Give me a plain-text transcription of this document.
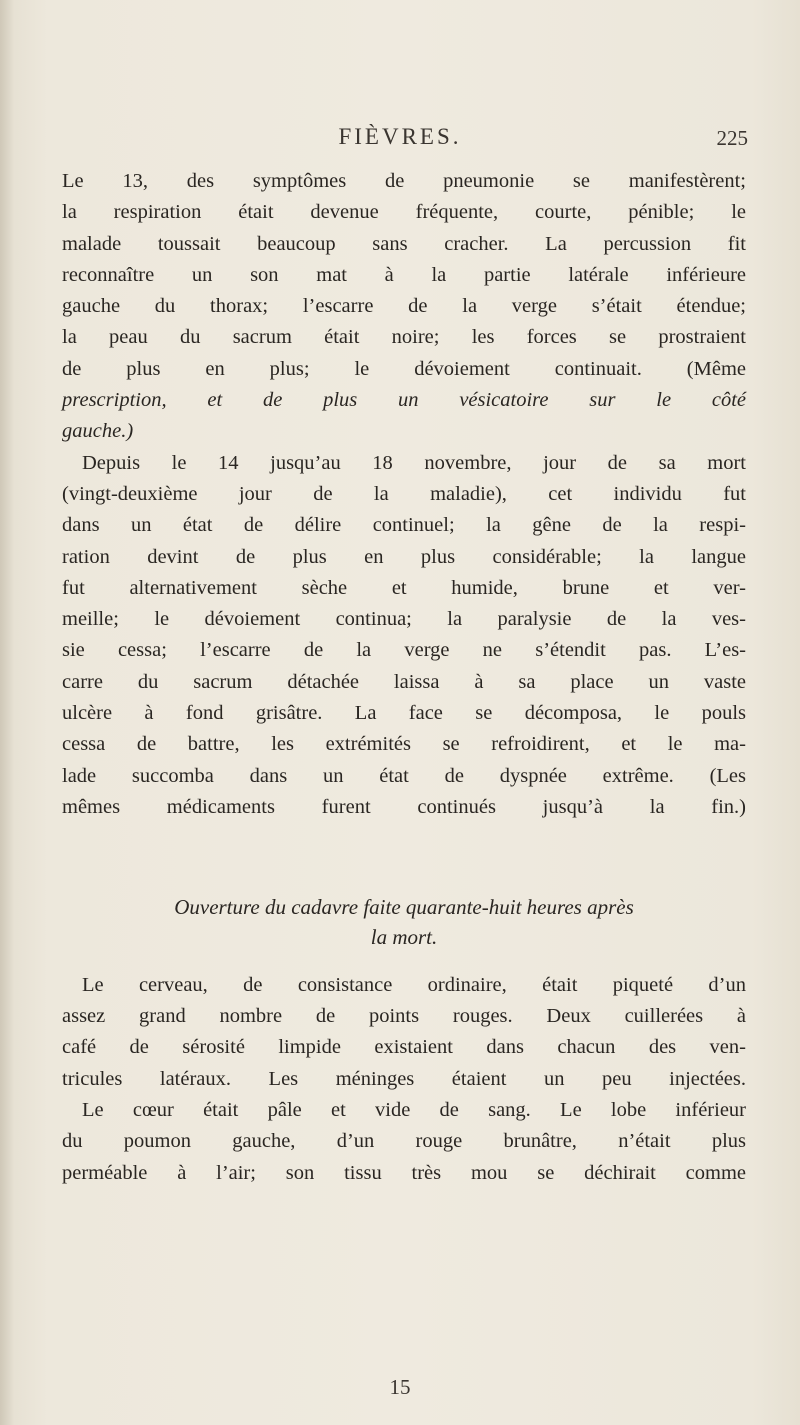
FIÈVRES.	225
Le 13, des symptômes de pneumonie se manifestèrent;
la respiration était devenue fréquente, courte, pénible; le
malade toussait beaucoup sans cracher. La percussion fit
reconnaître un son mat à la partie latérale inférieure
gauche du thorax; l’escarre de la verge s’était étendue;
la peau du sacrum était noire; les forces se prostraient
de plus en plus; le dévoiement continuait. (Même
prescription, et de plus un vésicatoire sur le côté
gauche.)
Depuis le 14 jusqu’au 18 novembre, jour de sa mort
(vingt-deuxième jour de la maladie), cet individu fut
dans un état de délire continuel; la gêne de la respi-
ration devint de plus en plus considérable; la langue
fut alternativement sèche et humide, brune et ver-
meille; le dévoiement continua; la paralysie de la ves-
sie cessa; l’escarre de la verge ne s’étendit pas. L’es-
carre du sacrum détachée laissa à sa place un vaste
ulcère à fond grisâtre. La face se décomposa, le pouls
cessa de battre, les extrémités se refroidirent, et le ma-
lade succomba dans un état de dyspnée extrême. (Les
mêmes médicaments furent continués jusqu’à la fin.)
Ouverture du cadavre faite quarante-huit heures après
la mort.
Le cerveau, de consistance ordinaire, était piqueté d’un
assez grand nombre de points rouges. Deux cuillerées à
café de sérosité limpide existaient dans chacun des ven-
tricules latéraux. Les méninges étaient un peu injectées.
Le cœur était pâle et vide de sang. Le lobe inférieur
du poumon gauche, d’un rouge brunâtre, n’était plus
perméable à l’air; son tissu très mou se déchirait comme
15
